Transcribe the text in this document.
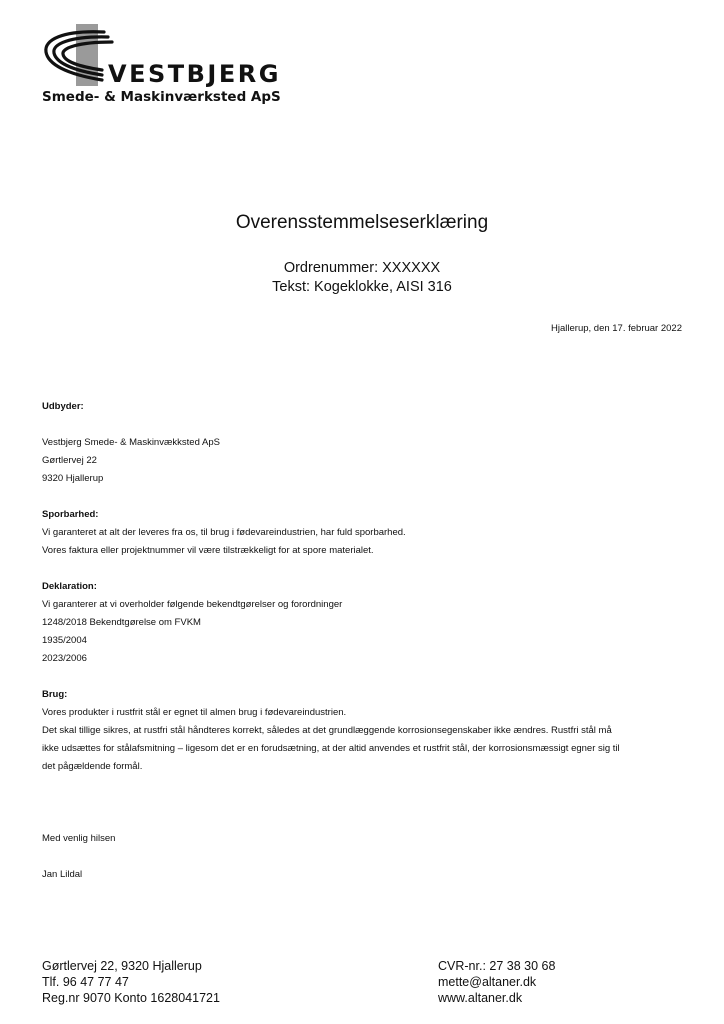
VESTBJERG
Smede- & Maskinværksted ApS
Overensstemmelseserklæring
Ordrenummer: XXXXXX
Tekst: Kogeklokke, AISI 316
Hjallerup, den 17. februar 2022
Udbyder:
Vestbjerg Smede- & Maskinvækksted ApS
Gørtlervej 22
9320 Hjallerup
Sporbarhed:
Vi garanteret at alt der leveres fra os, til brug i fødevareindustrien, har fuld sporbarhed.
Vores faktura eller projektnummer vil være tilstrækkeligt for at spore materialet.
Deklaration:
Vi garanterer at vi overholder følgende bekendtgørelser og forordninger
1248/2018 Bekendtgørelse om FVKM
1935/2004
2023/2006
Brug:
Vores produkter i rustfrit stål er egnet til almen brug i fødevareindustrien.
Det skal tillige sikres, at rustfri stål håndteres korrekt, således at det grundlæggende korrosionsegenskaber ikke ændres. Rustfri stål må
ikke udsættes for stålafsmitning – ligesom det er en forudsætning, at der altid anvendes et rustfrit stål, der korrosionsmæssigt egner sig til
det pågældende formål.
Med venlig hilsen
Jan Lildal
Gørtlervej 22, 9320 Hjallerup
Tlf. 96 47 77 47
Reg.nr 9070 Konto 1628041721
CVR-nr.: 27 38 30 68
mette@altaner.dk
www.altaner.dk
